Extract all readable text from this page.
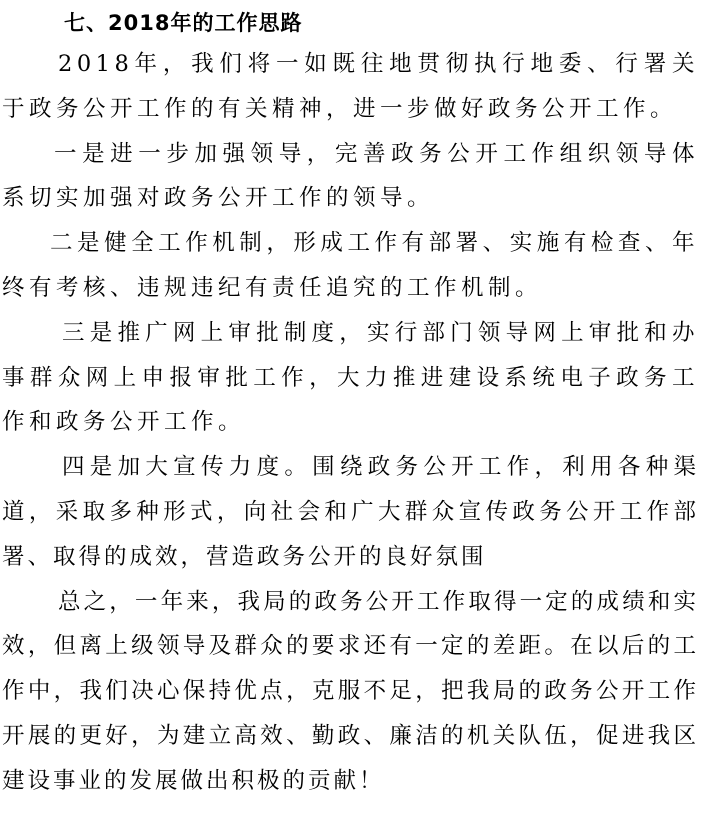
七、2018年的工作思路

2018年，我们将一如既往地贯彻执行地委、行署关于政务公开工作的有关精神，进一步做好政务公开工作。

一是进一步加强领导，完善政务公开工作组织领导体系切实加强对政务公开工作的领导。

二是健全工作机制，形成工作有部署、实施有检查、年终有考核、违规违纪有责任追究的工作机制。

三是推广网上审批制度，实行部门领导网上审批和办事群众网上申报审批工作，大力推进建设系统电子政务工作和政务公开工作。

四是加大宣传力度。围绕政务公开工作，利用各种渠道，采取多种形式，向社会和广大群众宣传政务公开工作部署、取得的成效，营造政务公开的良好氛围

总之，一年来，我局的政务公开工作取得一定的成绩和实效，但离上级领导及群众的要求还有一定的差距。在以后的工作中，我们决心保持优点，克服不足，把我局的政务公开工作开展的更好，为建立高效、勤政、廉洁的机关队伍，促进我区建设事业的发展做出积极的贡献！
